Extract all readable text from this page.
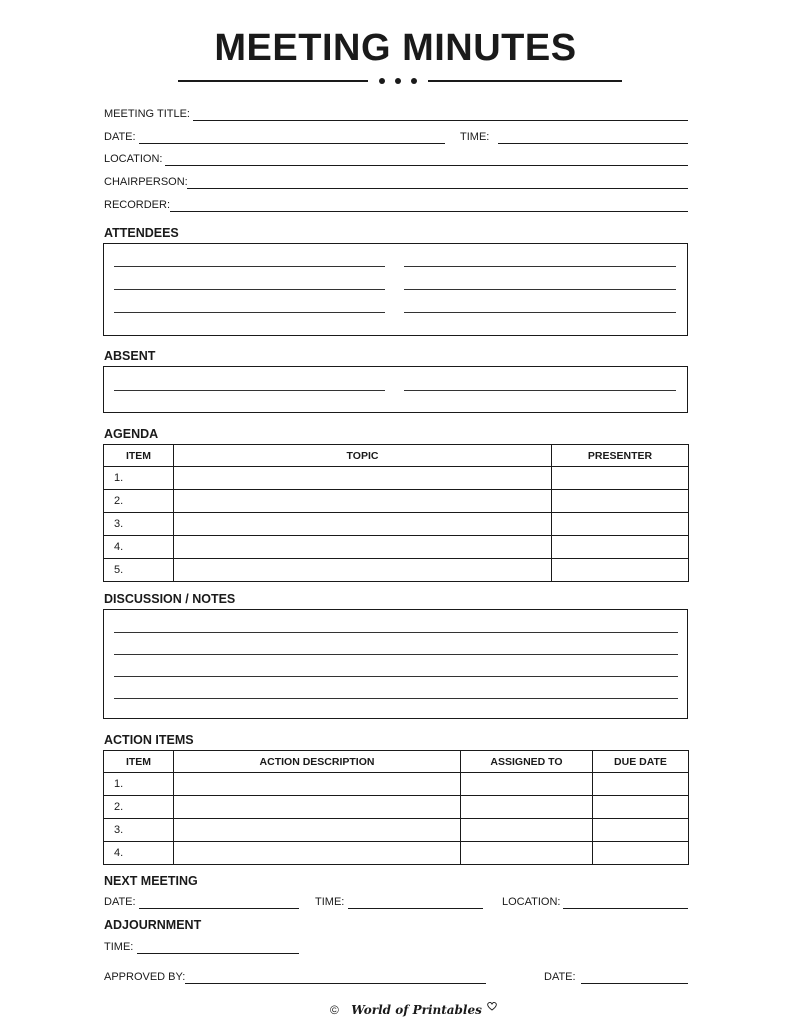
MEETING MINUTES
MEETING TITLE:
DATE:	TIME:
LOCATION:
CHAIRPERSON:
RECORDER:
ATTENDEES
ABSENT
AGENDA
ITEM	TOPIC	PRESENTER
1.		
2.		
3.		
4.		
5.		
DISCUSSION / NOTES
ACTION ITEMS
ITEM	ACTION DESCRIPTION	ASSIGNED TO	DUE DATE
1.			
2.			
3.			
4.			
NEXT MEETING
DATE:	TIME:	LOCATION:
ADJOURNMENT
TIME:
APPROVED BY:	DATE:
© World of Printables
